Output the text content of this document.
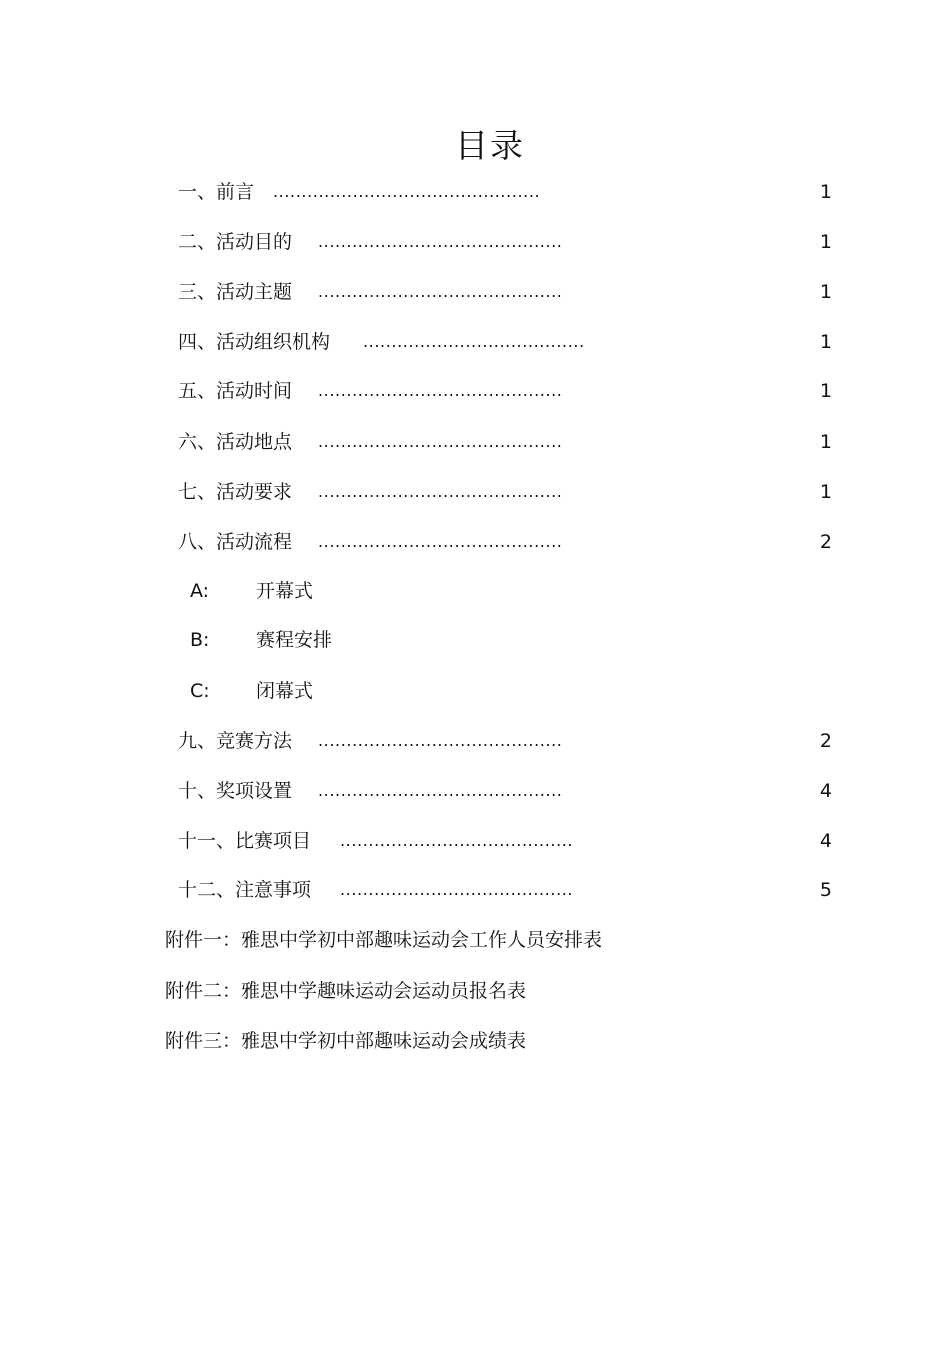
目录
一、前言 ...............................................	1
二、活动目的 ...........................................	1
三、活动主题 ...........................................	1
四、活动组织机构 .......................................	1
五、活动时间 ...........................................	1
六、活动地点 ...........................................	1
七、活动要求 ...........................................	1
八、活动流程 ...........................................	2
A: 开幕式
B: 赛程安排
C: 闭幕式
九、竞赛方法 ...........................................	2
十、奖项设置 ...........................................	4
十一、比赛项目 .........................................	4
十二、注意事项 .........................................	5
附件一：雅思中学初中部趣味运动会工作人员安排表
附件二：雅思中学趣味运动会运动员报名表
附件三：雅思中学初中部趣味运动会成绩表
